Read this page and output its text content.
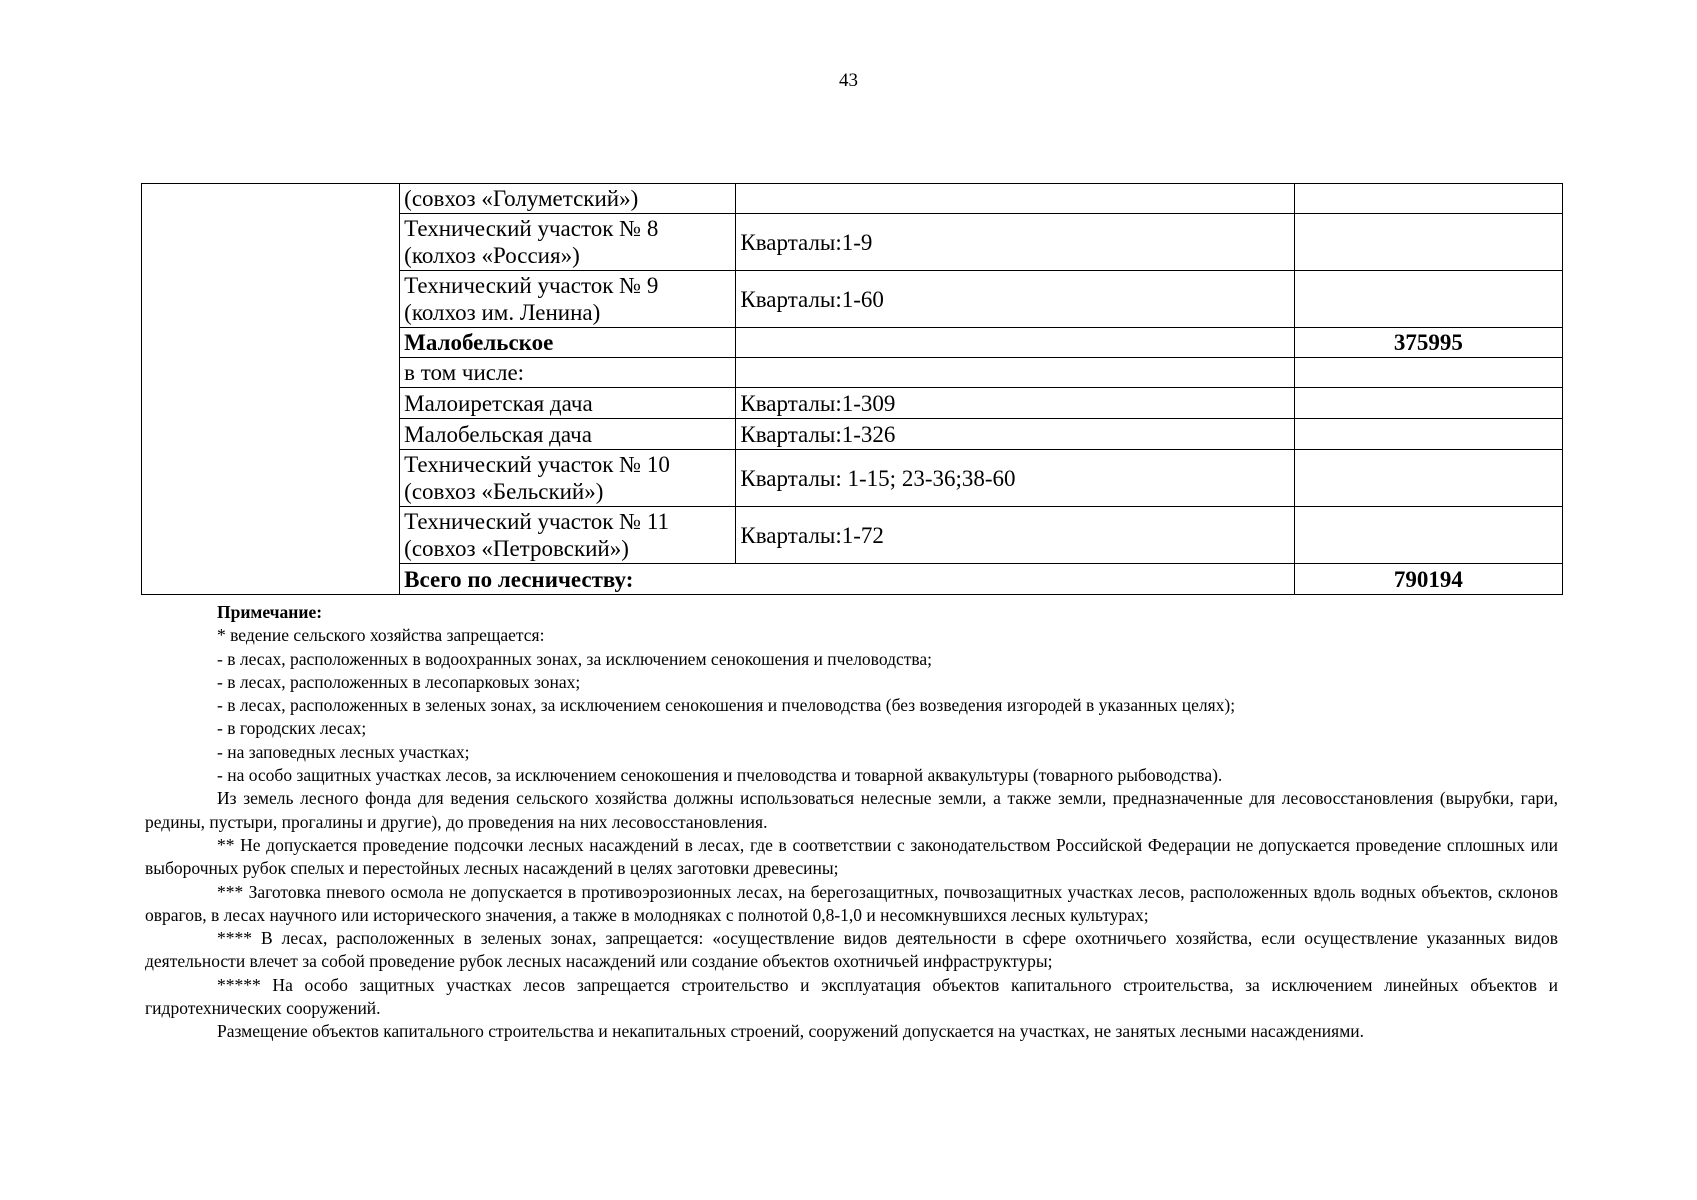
43
	(совхоз «Голуметский»)		
	Технический участок № 8
(колхоз «Россия»)	Кварталы:1-9	
	Технический участок № 9
(колхоз им. Ленина)	Кварталы:1-60	
	Малобельское		375995
	в том числе:		
	Малоиретская дача	Кварталы:1-309	
	Малобельская дача	Кварталы:1-326	
	Технический участок № 10
(совхоз «Бельский»)	Кварталы: 1-15; 23-36;38-60	
	Технический участок № 11
(совхоз «Петровский»)	Кварталы:1-72	
	Всего по лесничеству:		790194

Примечание:

* ведение сельского хозяйства запрещается:

- в лесах, расположенных в водоохранных зонах, за исключением сенокошения и пчеловодства;

- в лесах, расположенных в лесопарковых зонах;

- в лесах, расположенных в зеленых зонах, за исключением сенокошения и пчеловодства (без возведения изгородей в указанных целях);

- в городских лесах;

- на заповедных лесных участках;

- на особо защитных участках лесов, за исключением сенокошения и пчеловодства и товарной аквакультуры (товарного рыбоводства).

Из земель лесного фонда для ведения сельского хозяйства должны использоваться нелесные земли, а также земли, предназначенные для лесовосстановления (вырубки, гари, редины, пустыри, прогалины и другие), до проведения на них лесовосстановления.

** Не допускается проведение подсочки лесных насаждений в лесах, где в соответствии с законодательством Российской Федерации не допускается проведение сплошных или выборочных рубок спелых и перестойных лесных насаждений в целях заготовки древесины;

*** Заготовка пневого осмола не допускается в противоэрозионных лесах, на берегозащитных, почвозащитных участках лесов, расположенных вдоль водных объектов, склонов оврагов, в лесах научного или исторического значения, а также в молодняках с полнотой 0,8-1,0 и несомкнувшихся лесных культурах;

**** В лесах, расположенных в зеленых зонах, запрещается: «осуществление видов деятельности в сфере охотничьего хозяйства, если осуществление указанных видов деятельности влечет за собой проведение рубок лесных насаждений или создание объектов охотничьей инфраструктуры;

***** На особо защитных участках лесов запрещается строительство и эксплуатация объектов капитального строительства, за исключением линейных объектов и гидротехнических сооружений.

Размещение объектов капитального строительства и некапитальных строений, сооружений допускается на участках, не занятых лесными насаждениями.
